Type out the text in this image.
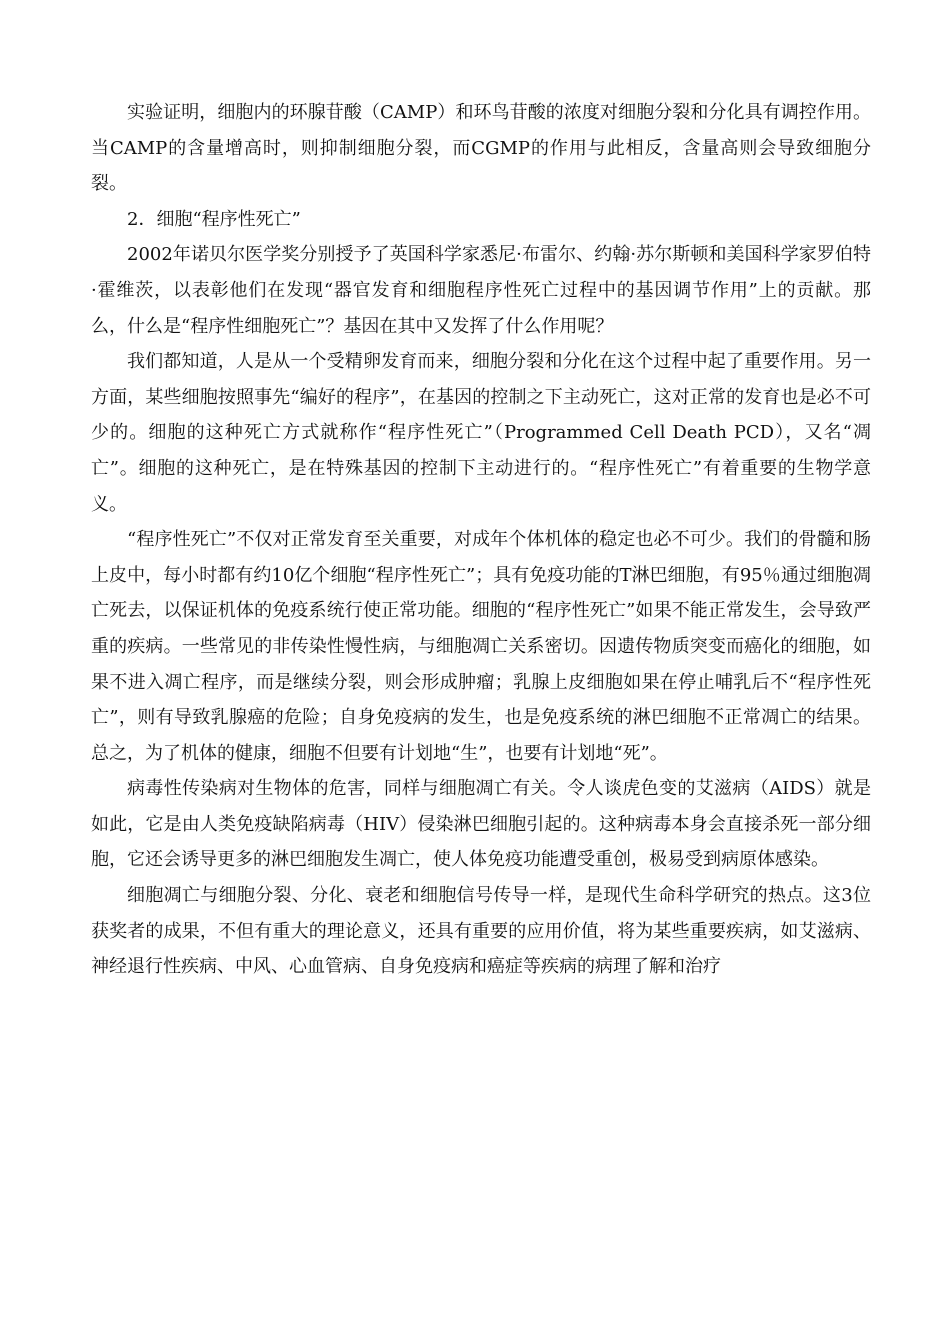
实验证明，细胞内的环腺苷酸（CAMP）和环鸟苷酸的浓度对细胞分裂和分化具有调控作用。当CAMP的含量增高时，则抑制细胞分裂，而CGMP的作用与此相反，含量高则会导致细胞分裂。

2．细胞“程序性死亡”

2002年诺贝尔医学奖分别授予了英国科学家悉尼·布雷尔、约翰·苏尔斯顿和美国科学家罗伯特·霍维茨，以表彰他们在发现“器官发育和细胞程序性死亡过程中的基因调节作用”上的贡献。那么，什么是“程序性细胞死亡”？基因在其中又发挥了什么作用呢？

我们都知道，人是从一个受精卵发育而来，细胞分裂和分化在这个过程中起了重要作用。另一方面，某些细胞按照事先“编好的程序”，在基因的控制之下主动死亡，这对正常的发育也是必不可少的。细胞的这种死亡方式就称作“程序性死亡”（Programmed Cell Death PCD），又名“凋亡”。细胞的这种死亡，是在特殊基因的控制下主动进行的。“程序性死亡”有着重要的生物学意义。

“程序性死亡”不仅对正常发育至关重要，对成年个体机体的稳定也必不可少。我们的骨髓和肠上皮中，每小时都有约10亿个细胞“程序性死亡”；具有免疫功能的T淋巴细胞，有95％通过细胞凋亡死去，以保证机体的免疫系统行使正常功能。细胞的“程序性死亡”如果不能正常发生，会导致严重的疾病。一些常见的非传染性慢性病，与细胞凋亡关系密切。因遗传物质突变而癌化的细胞，如果不进入凋亡程序，而是继续分裂，则会形成肿瘤；乳腺上皮细胞如果在停止哺乳后不“程序性死亡”，则有导致乳腺癌的危险；自身免疫病的发生，也是免疫系统的淋巴细胞不正常凋亡的结果。总之，为了机体的健康，细胞不但要有计划地“生”，也要有计划地“死”。

病毒性传染病对生物体的危害，同样与细胞凋亡有关。令人谈虎色变的艾滋病（AIDS）就是如此，它是由人类免疫缺陷病毒（HIV）侵染淋巴细胞引起的。这种病毒本身会直接杀死一部分细胞，它还会诱导更多的淋巴细胞发生凋亡，使人体免疫功能遭受重创，极易受到病原体感染。

细胞凋亡与细胞分裂、分化、衰老和细胞信号传导一样，是现代生命科学研究的热点。这3位获奖者的成果，不但有重大的理论意义，还具有重要的应用价值，将为某些重要疾病，如艾滋病、神经退行性疾病、中风、心血管病、自身免疫病和癌症等疾病的病理了解和治疗
